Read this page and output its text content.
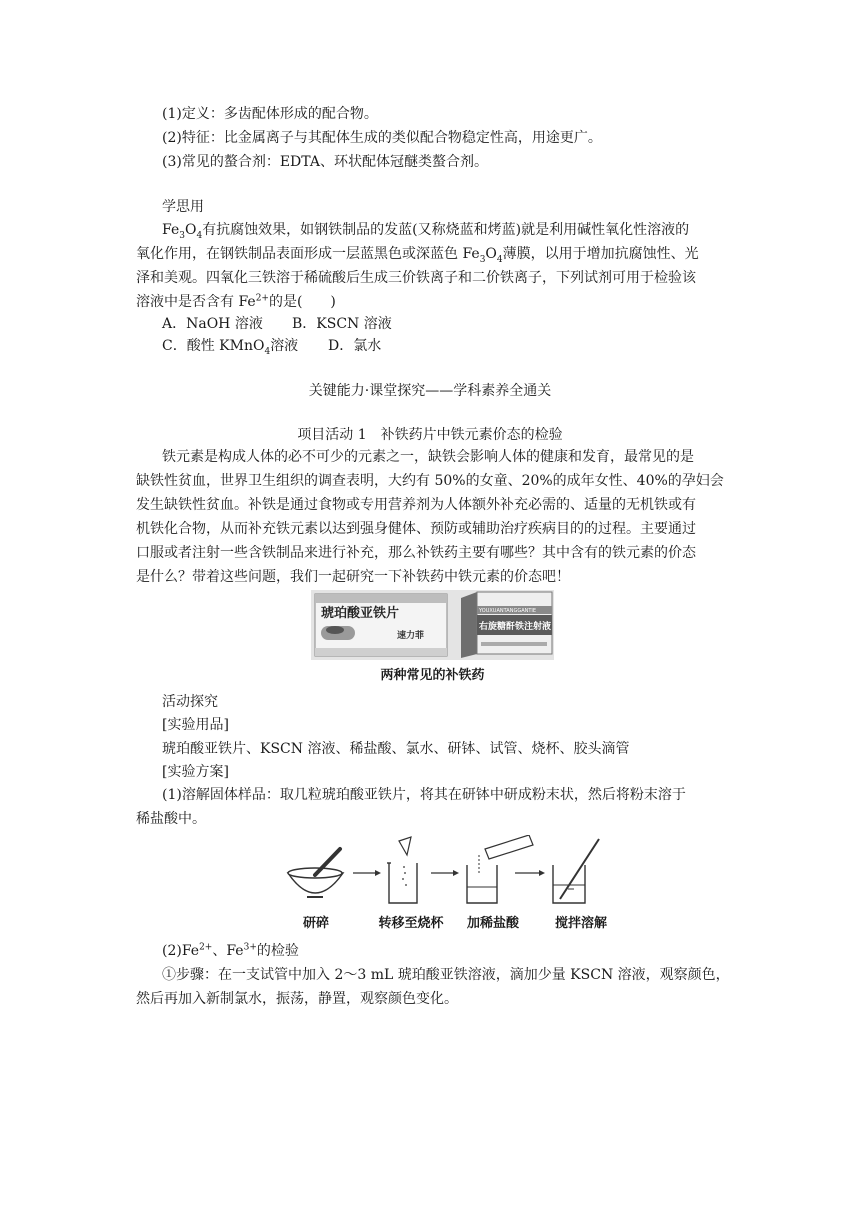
(1)定义：多齿配体形成的配合物。
(2)特征：比金属离子与其配体生成的类似配合物稳定性高，用途更广。
(3)常见的螯合剂：EDTA、环状配体冠醚类螯合剂。
学思用
$Fe_3O_4$有抗腐蚀效果，如钢铁制品的发蓝(又称烧蓝和烤蓝)就是利用碱性氧化性溶液的
氧化作用，在钢铁制品表面形成一层蓝黑色或深蓝色 $Fe_3O_4$薄膜，以用于增加抗腐蚀性、光
泽和美观。四氧化三铁溶于稀硫酸后生成三价铁离子和二价铁离子，下列试剂可用于检验该
溶液中是否含有 $Fe^{2+}$的是(　　)
A．NaOH 溶液 B．KSCN 溶液
C．酸性 KMnO$_4$溶液 D．氯水
关键能力·课堂探究——学科素养全通关
项目活动 1　补铁药片中铁元素价态的检验
铁元素是构成人体的必不可少的元素之一，缺铁会影响人体的健康和发育，最常见的是
缺铁性贫血，世界卫生组织的调查表明，大约有 50%的女童、20%的成年女性、40%的孕妇会
发生缺铁性贫血。补铁是通过食物或专用营养剂为人体额外补充必需的、适量的无机铁或有
机铁化合物，从而补充铁元素以达到强身健体、预防或辅助治疗疾病目的的过程。主要通过
口服或者注射一些含铁制品来进行补充，那么补铁药主要有哪些？其中含有的铁元素的价态
是什么？带着这些问题，我们一起研究一下补铁药中铁元素的价态吧！
琥珀酸亚铁片
速力菲
YOUXUANTANGGANTIE
右旋糖酐铁注射液
两种常见的补铁药
活动探究
[实验用品]
琥珀酸亚铁片、KSCN 溶液、稀盐酸、氯水、研钵、试管、烧杯、胶头滴管
[实验方案]
(1)溶解固体样品：取几粒琥珀酸亚铁片，将其在研钵中研成粉末状，然后将粉末溶于
稀盐酸中。
研碎	转移至烧杯	加稀盐酸	搅拌溶解
$(2)Fe^{2+}$、$Fe^{3+}$的检验
①步骤：在一支试管中加入 2～3 mL 琥珀酸亚铁溶液，滴加少量 KSCN 溶液，观察颜色，
然后再加入新制氯水，振荡，静置，观察颜色变化。
